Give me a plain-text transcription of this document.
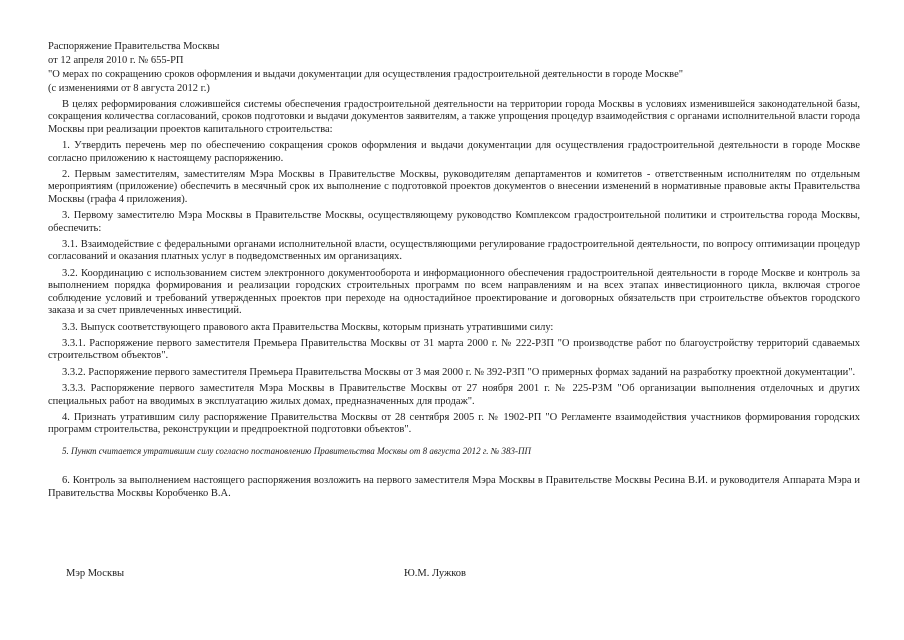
Распоряжение Правительства Москвы
от 12 апреля 2010 г. № 655-РП
"О мерах по сокращению сроков оформления и выдачи документации для осуществления градостроительной деятельности в городе Москве"
(с изменениями от 8 августа 2012 г.)

В целях реформирования сложившейся системы обеспечения градостроительной деятельности на территории города Москвы в условиях изменившейся законодательной базы, сокращения количества согласований, сроков подготовки и выдачи документов заявителям, а также упрощения процедур взаимодействия с органами исполнительной власти города Москвы при реализации проектов капитального строительства:

1. Утвердить перечень мер по обеспечению сокращения сроков оформления и выдачи документации для осуществления градостроительной деятельности в городе Москве согласно приложению к настоящему распоряжению.

2. Первым заместителям, заместителям Мэра Москвы в Правительстве Москвы, руководителям департаментов и комитетов - ответственным исполнителям по отдельным мероприятиям (приложение) обеспечить в месячный срок их выполнение с подготовкой проектов документов о внесении изменений в нормативные правовые акты Правительства Москвы (графа 4 приложения).

3. Первому заместителю Мэра Москвы в Правительстве Москвы, осуществляющему руководство Комплексом градостроительной политики и строительства города Москвы, обеспечить:

3.1. Взаимодействие с федеральными органами исполнительной власти, осуществляющими регулирование градостроительной деятельности, по вопросу оптимизации процедур согласований и оказания платных услуг в подведомственных им организациях.

3.2. Координацию с использованием систем электронного документооборота и информационного обеспечения градостроительной деятельности в городе Москве и контроль за выполнением порядка формирования и реализации городских строительных программ по всем направлениям и на всех этапах инвестиционного цикла, включая строгое соблюдение условий и требований утвержденных проектов при переходе на одностадийное проектирование и договорных обязательств при строительстве объектов городского заказа и за счет привлеченных инвестиций.

3.3. Выпуск соответствующего правового акта Правительства Москвы, которым признать утратившими силу:

3.3.1. Распоряжение первого заместителя Премьера Правительства Москвы от 31 марта 2000 г. № 222-РЗП "О производстве работ по благоустройству территорий сдаваемых строительством объектов".

3.3.2. Распоряжение первого заместителя Премьера Правительства Москвы от 3 мая 2000 г. № 392-РЗП "О примерных формах заданий на разработку проектной документации".

3.3.3. Распоряжение первого заместителя Мэра Москвы в Правительстве Москвы от 27 ноября 2001 г. № 225-РЗМ "Об организации выполнения отделочных и других специальных работ на вводимых в эксплуатацию жилых домах, предназначенных для продаж".

4. Признать утратившим силу распоряжение Правительства Москвы от 28 сентября 2005 г. № 1902-РП "О Регламенте взаимодействия участников формирования городских программ строительства, реконструкции и предпроектной подготовки объектов".

5. Пункт считается утратившим силу согласно постановлению Правительства Москвы от 8 августа 2012 г. № 383-ПП

6. Контроль за выполнением настоящего распоряжения возложить на первого заместителя Мэра Москвы в Правительстве Москвы Ресина В.И. и руководителя Аппарата Мэра и Правительства Москвы Коробченко В.А.

Мэр Москвы	Ю.М. Лужков
